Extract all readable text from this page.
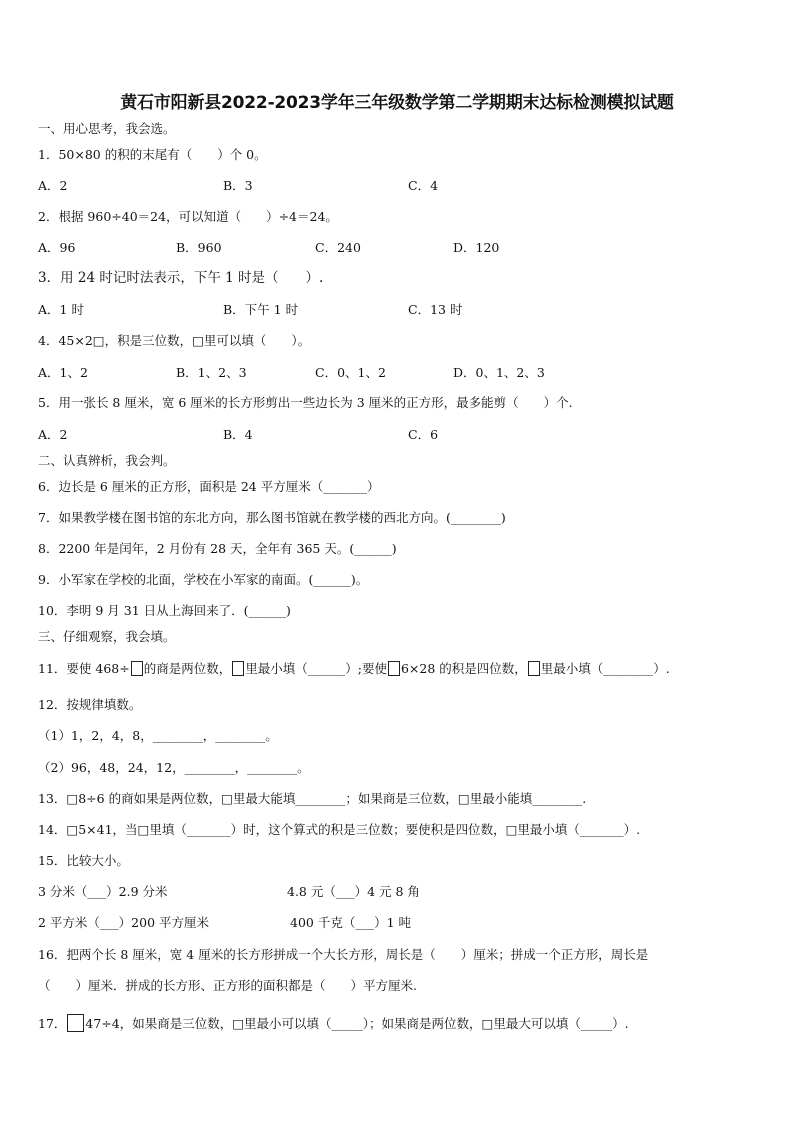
黄石市阳新县2022-2023学年三年级数学第二学期期末达标检测模拟试题
一、用心思考，我会选。
1．50×80 的积的末尾有（　　）个 0。
A．2	B．3	C．4
2．根据 960÷40＝24，可以知道（　　）÷4＝24。
A．96	B．960	C．240	D．120
3．用 24 时记时法表示，下午 1 时是（　　）.
A．1 时	B．下午 1 时	C．13 时
4．45×2□，积是三位数，□里可以填（　　）。
A．1、2	B．1、2、3	C．0、1、2	D．0、1、2、3
5．用一张长 8 厘米，宽 6 厘米的长方形剪出一些边长为 3 厘米的正方形，最多能剪（　　）个.
A．2	B．4	C．6
二、认真辨析，我会判。
6．边长是 6 厘米的正方形，面积是 24 平方厘米（_______）
7．如果教学楼在图书馆的东北方向，那么图书馆就在教学楼的西北方向。(________)
8．2200 年是闰年，2 月份有 28 天，全年有 365 天。(______)
9．小军家在学校的北面，学校在小军家的南面。(______)。
10．李明 9 月 31 日从上海回来了．(______)
三、仔细观察，我会填。
11．要使 468÷ 的商是两位数， 里最小填（______）;要使 6×28 的积是四位数， 里最小填（________）.
12．按规律填数。
（1）1，2，4，8，________，________。
（2）96，48，24，12，________，________。
13．□8÷6 的商如果是两位数，□里最大能填________；如果商是三位数，□里最小能填________.
14．□5×41，当□里填（_______）时，这个算式的积是三位数；要使积是四位数，□里最小填（_______）.
15．比较大小。
3 分米（___）2.9 分米	4.8 元（___）4 元 8 角
2 平方米（___）200 平方厘米	400 千克（___）1 吨
16．把两个长 8 厘米，宽 4 厘米的长方形拼成一个大长方形，周长是（　　）厘米；拼成一个正方形，周长是
（　　）厘米．拼成的长方形、正方形的面积都是（　　）平方厘米.
17． 47÷4，如果商是三位数，□里最小可以填（_____）；如果商是两位数，□里最大可以填（_____）.
